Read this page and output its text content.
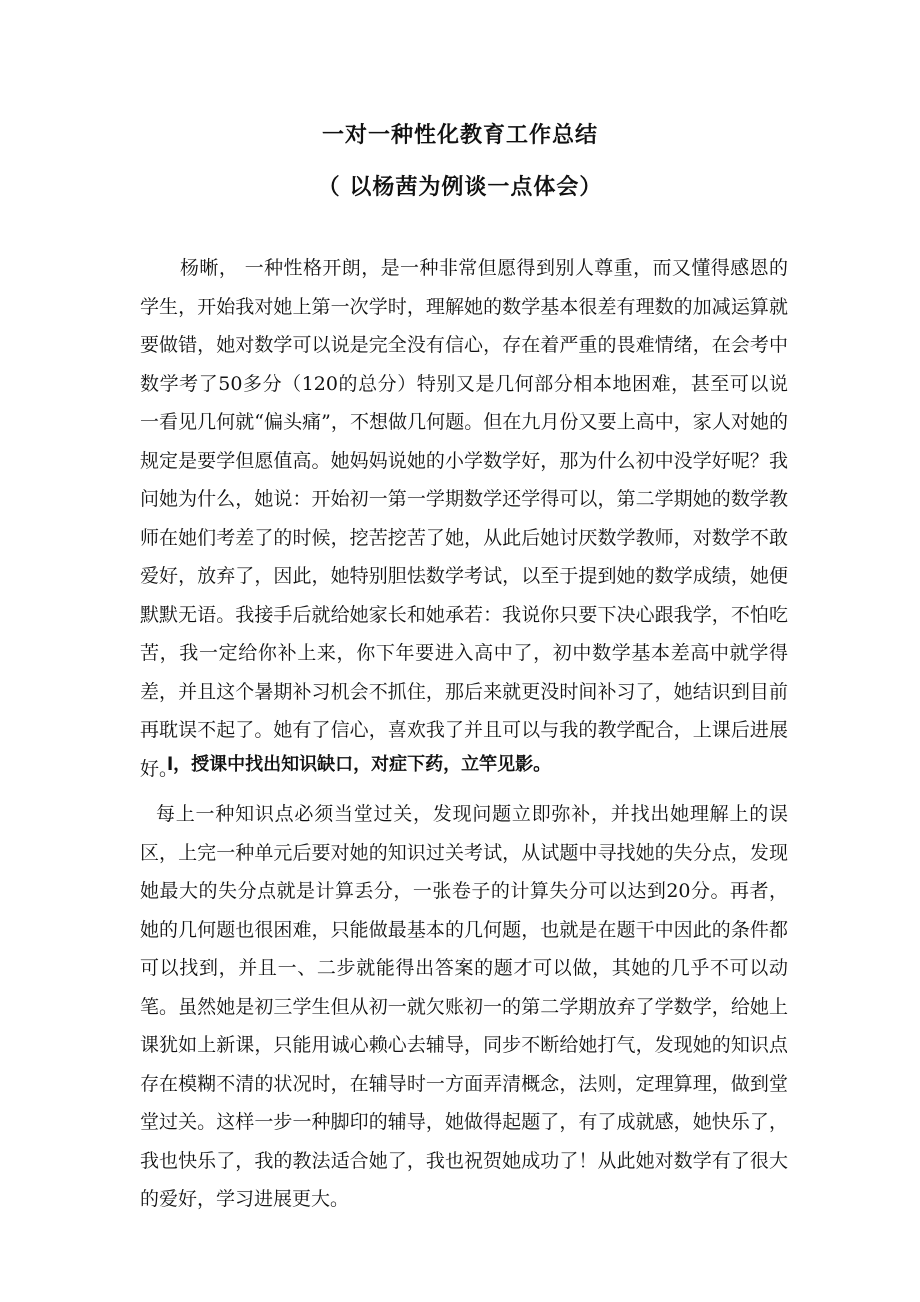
一对一种性化教育工作总结
（ 以杨茜为例谈一点体会）

杨晰， 一种性格开朗，是一种非常但愿得到别人尊重，而又懂得感恩的学生，开始我对她上第一次学时，理解她的数学基本很差有理数的加减运算就要做错，她对数学可以说是完全没有信心，存在着严重的畏难情绪，在会考中数学考了50多分（120的总分）特别又是几何部分相本地困难，甚至可以说一看见几何就“偏头痛”，不想做几何题。但在九月份又要上高中，家人对她的规定是要学但愿值高。她妈妈说她的小学数学好，那为什么初中没学好呢？我问她为什么，她说：开始初一第一学期数学还学得可以，第二学期她的数学教师在她们考差了的时候，挖苦挖苦了她，从此后她讨厌数学教师，对数学不敢爱好，放弃了，因此，她特别胆怯数学考试，以至于提到她的数学成绩，她便默默无语。我接手后就给她家长和她承若：我说你只要下决心跟我学，不怕吃苦，我一定给你补上来，你下年要进入高中了，初中数学基本差高中就学得差，并且这个暑期补习机会不抓住，那后来就更没时间补习了，她结识到目前再耽误不起了。她有了信心，喜欢我了并且可以与我的教学配合，上课后进展好。

l，授课中找出知识缺口，对症下药，立竿见影。

每上一种知识点必须当堂过关，发现问题立即弥补，并找出她理解上的误区，上完一种单元后要对她的知识过关考试，从试题中寻找她的失分点，发现她最大的失分点就是计算丢分，一张卷子的计算失分可以达到20分。再者，她的几何题也很困难，只能做最基本的几何题，也就是在题干中因此的条件都可以找到，并且一、二步就能得出答案的题才可以做，其她的几乎不可以动笔。虽然她是初三学生但从初一就欠账初一的第二学期放弃了学数学，给她上课犹如上新课，只能用诚心赖心去辅导，同步不断给她打气，发现她的知识点存在模糊不清的状况时，在辅导时一方面弄清概念，法则，定理算理，做到堂堂过关。这样一步一种脚印的辅导，她做得起题了，有了成就感，她快乐了，我也快乐了，我的教法适合她了，我也祝贺她成功了！从此她对数学有了很大的爱好，学习进展更大。
